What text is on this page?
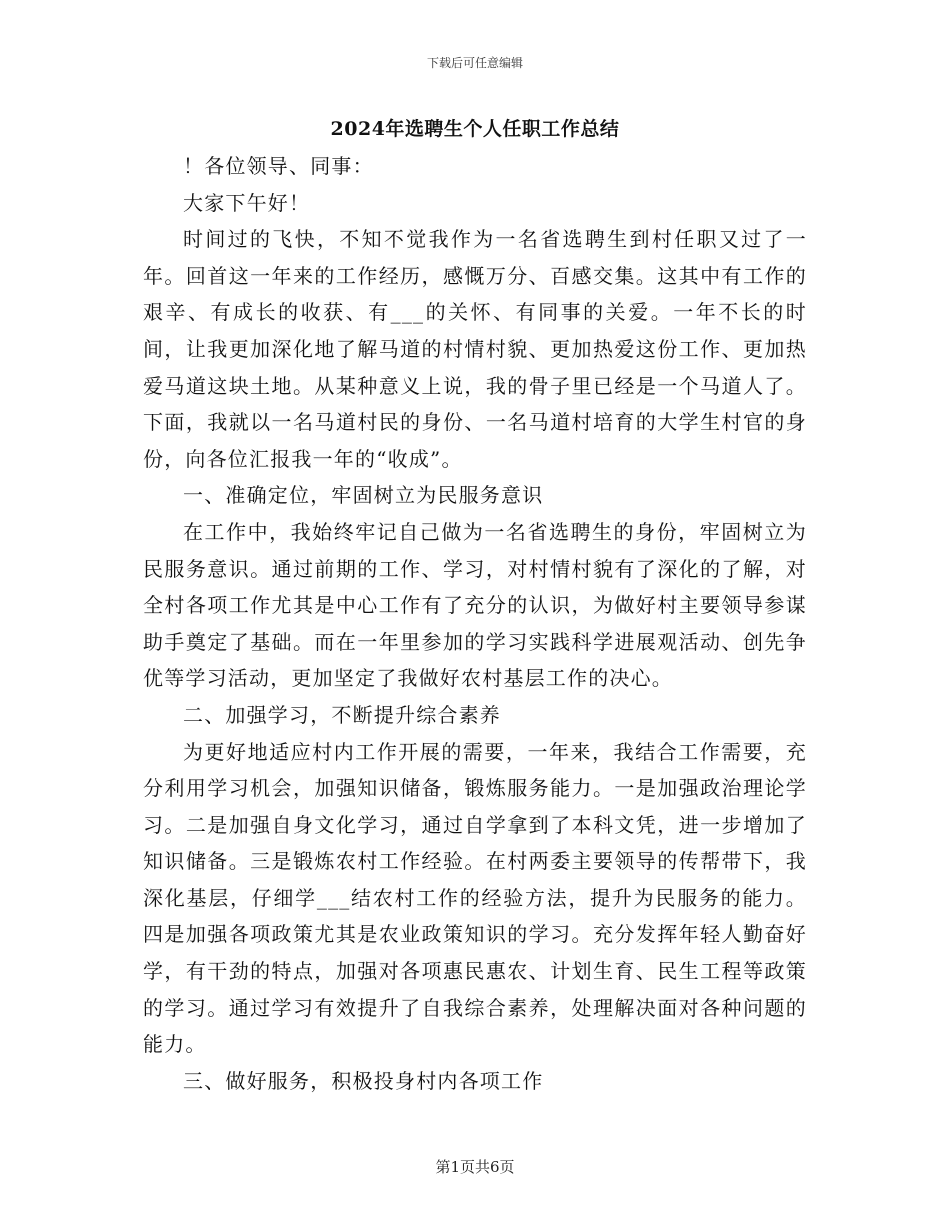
下载后可任意编辑
2024年选聘生个人任职工作总结

！各位领导、同事：

大家下午好！

时间过的飞快，不知不觉我作为一名省选聘生到村任职又过了一年。回首这一年来的工作经历，感慨万分、百感交集。这其中有工作的艰辛、有成长的收获、有___的关怀、有同事的关爱。一年不长的时间，让我更加深化地了解马道的村情村貌、更加热爱这份工作、更加热爱马道这块土地。从某种意义上说，我的骨子里已经是一个马道人了。下面，我就以一名马道村民的身份、一名马道村培育的大学生村官的身份，向各位汇报我一年的“收成”。

一、准确定位，牢固树立为民服务意识

在工作中，我始终牢记自己做为一名省选聘生的身份，牢固树立为民服务意识。通过前期的工作、学习，对村情村貌有了深化的了解，对全村各项工作尤其是中心工作有了充分的认识，为做好村主要领导参谋助手奠定了基础。而在一年里参加的学习实践科学进展观活动、创先争优等学习活动，更加坚定了我做好农村基层工作的决心。

二、加强学习，不断提升综合素养

为更好地适应村内工作开展的需要，一年来，我结合工作需要，充分利用学习机会，加强知识储备，锻炼服务能力。一是加强政治理论学习。二是加强自身文化学习，通过自学拿到了本科文凭，进一步增加了知识储备。三是锻炼农村工作经验。在村两委主要领导的传帮带下，我深化基层，仔细学___结农村工作的经验方法，提升为民服务的能力。四是加强各项政策尤其是农业政策知识的学习。充分发挥年轻人勤奋好学，有干劲的特点，加强对各项惠民惠农、计划生育、民生工程等政策的学习。通过学习有效提升了自我综合素养，处理解决面对各种问题的能力。

三、做好服务，积极投身村内各项工作

第1页共6页
